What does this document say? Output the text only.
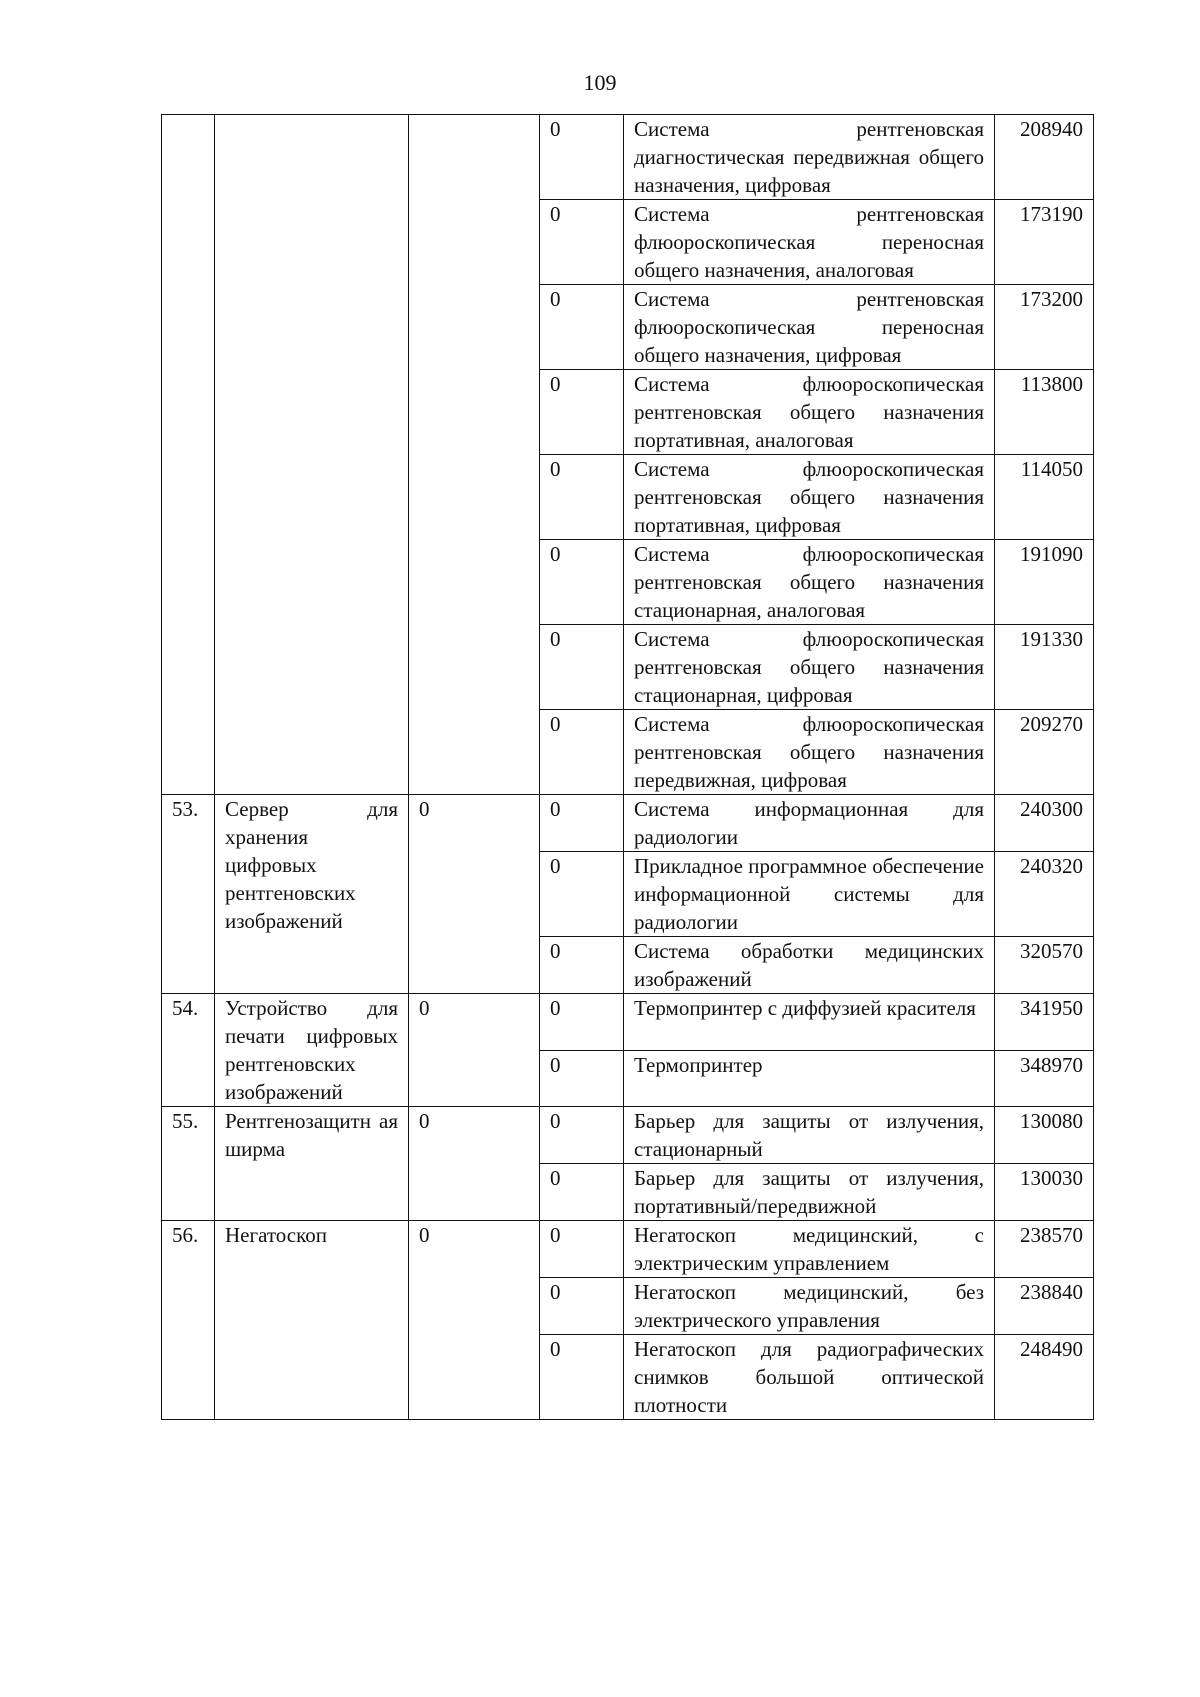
109

			0	Система рентгеновская диагностическая передвижная общего назначения, цифровая	208940

			0	Система рентгеновская флюороскопическая переносная общего назначения, аналоговая	173190

			0	Система рентгеновская флюороскопическая переносная общего назначения, цифровая	173200

			0	Система флюороскопическая рентгеновская общего назначения портативная, аналоговая	113800

			0	Система флюороскопическая рентгеновская общего назначения портативная, цифровая	114050

			0	Система флюороскопическая рентгеновская общего назначения стационарная, аналоговая	191090

			0	Система флюороскопическая рентгеновская общего назначения стационарная, цифровая	191330

			0	Система флюороскопическая рентгеновская общего назначения передвижная, цифровая	209270

53.	Сервер для хранения цифровых рентгеновских изображений	0	0	Система информационная для радиологии	240300

			0	Прикладное программное обеспечение информационной системы для радиологии	240320

			0	Система обработки медицинских изображений	320570

54.	Устройство для печати цифровых рентгеновских изображений	0	0	Термопринтер с диффузией красителя	341950

			0	Термопринтер	348970

55.	Рентгенозащитн ая ширма	0	0	Барьер для защиты от излучения, стационарный	130080

			0	Барьер для защиты от излучения, портативный/передвижной	130030

56.	Негатоскоп	0	0	Негатоскоп медицинский, с электрическим управлением	238570

			0	Негатоскоп медицинский, без электрического управления	238840

			0	Негатоскоп для радиографических снимков большой оптической плотности	248490
